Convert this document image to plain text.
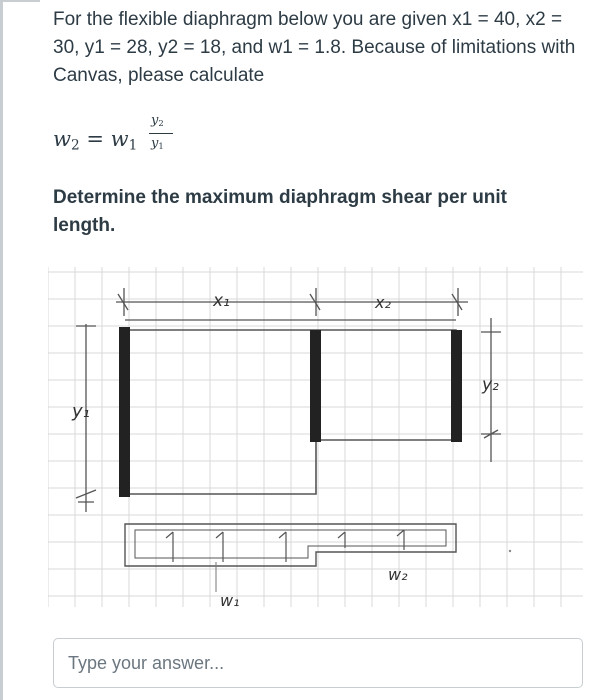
For the flexible diaphragm below you are given x1 = 40, x2 = 30, y1 = 28, y2 = 18, and w1 = 1.8. Because of limitations with Canvas, please calculate

$w_2 = w_1$
$y_2$
$y_1$

Determine the maximum diaphragm shear per unit length.

x₁	x₂
y₁
y₂
w₁
w₂
Type your answer...
